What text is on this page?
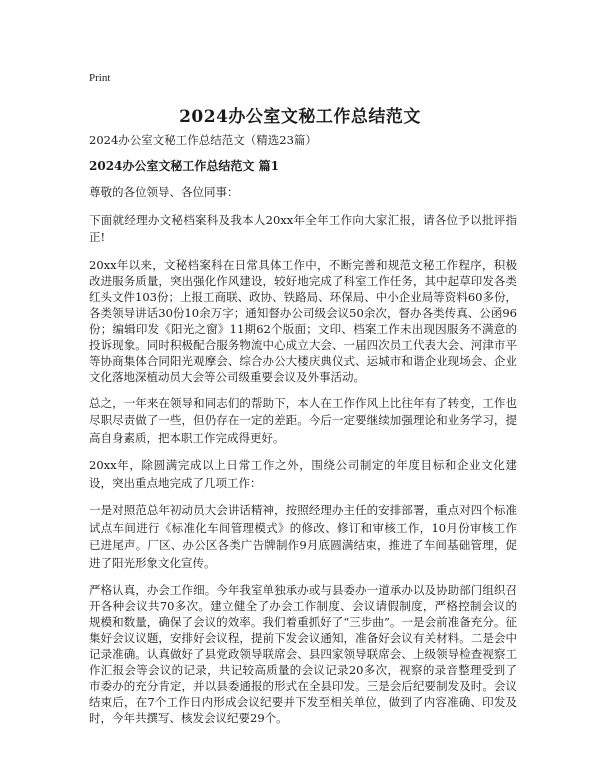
Print
2024办公室文秘工作总结范文

2024办公室文秘工作总结范文（精选23篇）

2024办公室文秘工作总结范文 篇1

尊敬的各位领导、各位同事：

下面就经理办文秘档案科及我本人20xx年全年工作向大家汇报，请各位予以批评指正!

20xx年以来，文秘档案科在日常具体工作中，不断完善和规范文秘工作程序，积极改进服务质量，突出强化作风建设，较好地完成了科室工作任务，其中起草印发各类红头文件103份；上报工商联、政协、铁路局、环保局、中小企业局等资料60多份，各类领导讲话30份10余万字；通知督办公司级会议50余次，督办各类传真、公函96份；编辑印发《阳光之窗》11期62个版面；文印、档案工作未出现因服务不满意的投诉现象。同时积极配合服务物流中心成立大会、一届四次员工代表大会、河津市平等协商集体合同阳光观摩会、综合办公大楼庆典仪式、运城市和谐企业现场会、企业文化落地深植动员大会等公司级重要会议及外事活动。

总之，一年来在领导和同志们的帮助下，本人在工作作风上比往年有了转变，工作也尽职尽责做了一些，但仍存在一定的差距。今后一定要继续加强理论和业务学习，提高自身素质，把本职工作完成得更好。

20xx年，除圆满完成以上日常工作之外，围绕公司制定的年度目标和企业文化建设，突出重点地完成了几项工作：

一是对照范总年初动员大会讲话精神，按照经理办主任的安排部署，重点对四个标准试点车间进行《标准化车间管理模式》的修改、修订和审核工作，10月份审核工作已进尾声。厂区、办公区各类广告牌制作9月底圆满结束，推进了车间基础管理，促进了阳光形象文化宣传。

严格认真，办会工作细。今年我室单独承办或与县委办一道承办以及协助部门组织召开各种会议共70多次。建立健全了办会工作制度、会议请假制度，严格控制会议的规模和数量，确保了会议的效率。我们着重抓好了“三步曲”。一是会前准备充分。征集好会议议题，安排好会议程，提前下发会议通知，准备好会议有关材料。二是会中记录准确。认真做好了县党政领导联席会、县四家领导联席会、上级领导检查视察工作汇报会等会议的记录，共记较高质量的会议记录20多次，视察的录音整理受到了市委办的充分肯定，并以县委通报的形式在全县印发。三是会后纪要制发及时。会议结束后，在7个工作日内形成会议纪要并下发至相关单位，做到了内容准确、印发及时，今年共撰写、核发会议纪要29个。
